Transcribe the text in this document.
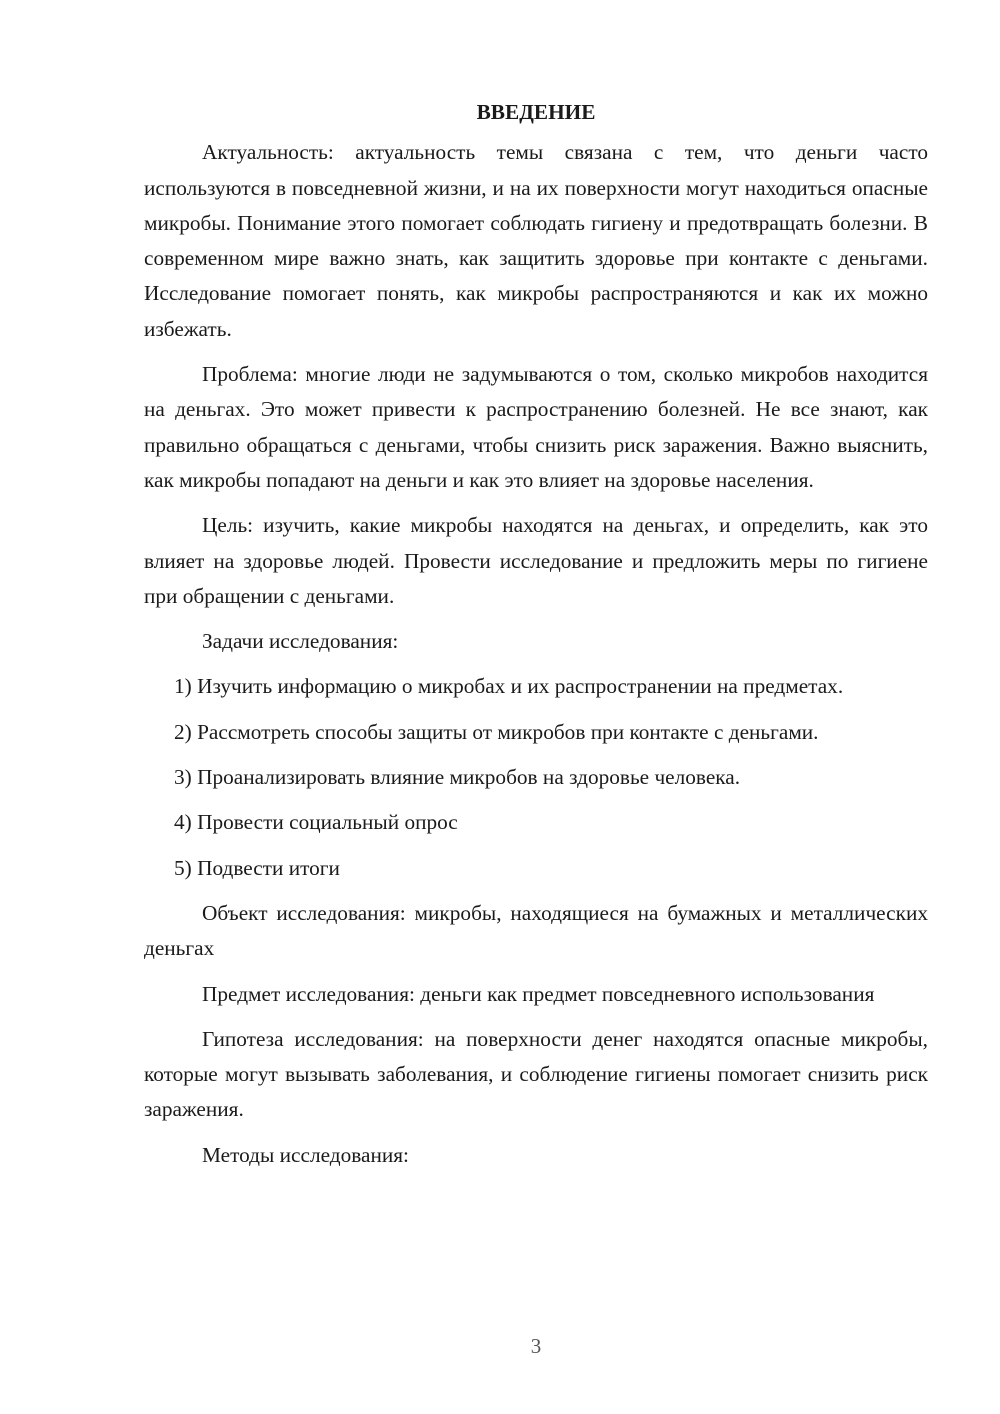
ВВЕДЕНИЕ

Актуальность: актуальность темы связана с тем, что деньги часто используются в повседневной жизни, и на их поверхности могут находиться опасные микробы. Понимание этого помогает соблюдать гигиену и предотвращать болезни. В современном мире важно знать, как защитить здоровье при контакте с деньгами. Исследование помогает понять, как микробы распространяются и как их можно избежать.

Проблема: многие люди не задумываются о том, сколько микробов находится на деньгах. Это может привести к распространению болезней. Не все знают, как правильно обращаться с деньгами, чтобы снизить риск заражения. Важно выяснить, как микробы попадают на деньги и как это влияет на здоровье населения.

Цель: изучить, какие микробы находятся на деньгах, и определить, как это влияет на здоровье людей. Провести исследование и предложить меры по гигиене при обращении с деньгами.

Задачи исследования:

1) Изучить информацию о микробах и их распространении на предметах.

2) Рассмотреть способы защиты от микробов при контакте с деньгами.

3) Проанализировать влияние микробов на здоровье человека.

4) Провести социальный опрос

5) Подвести итоги

Объект исследования: микробы, находящиеся на бумажных и металлических деньгах

Предмет исследования: деньги как предмет повседневного использования

Гипотеза исследования: на поверхности денег находятся опасные микробы, которые могут вызывать заболевания, и соблюдение гигиены помогает снизить риск заражения.

Методы исследования:

3
